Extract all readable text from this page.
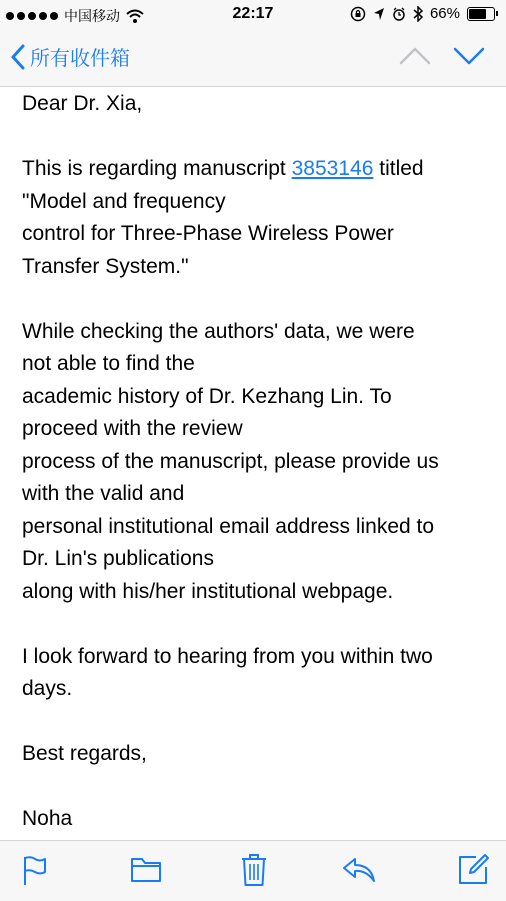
中国移动	22:17	66%
所有收件箱
Dear Dr. Xia,
This is regarding manuscript 3853146 titled
"Model and frequency
control for Three-Phase Wireless Power
Transfer System."
While checking the authors' data, we were
not able to find the
academic history of Dr. Kezhang Lin. To
proceed with the review
process of the manuscript, please provide us
with the valid and
personal institutional email address linked to
Dr. Lin's publications
along with his/her institutional webpage.
I look forward to hearing from you within two
days.
Best regards,
Noha
